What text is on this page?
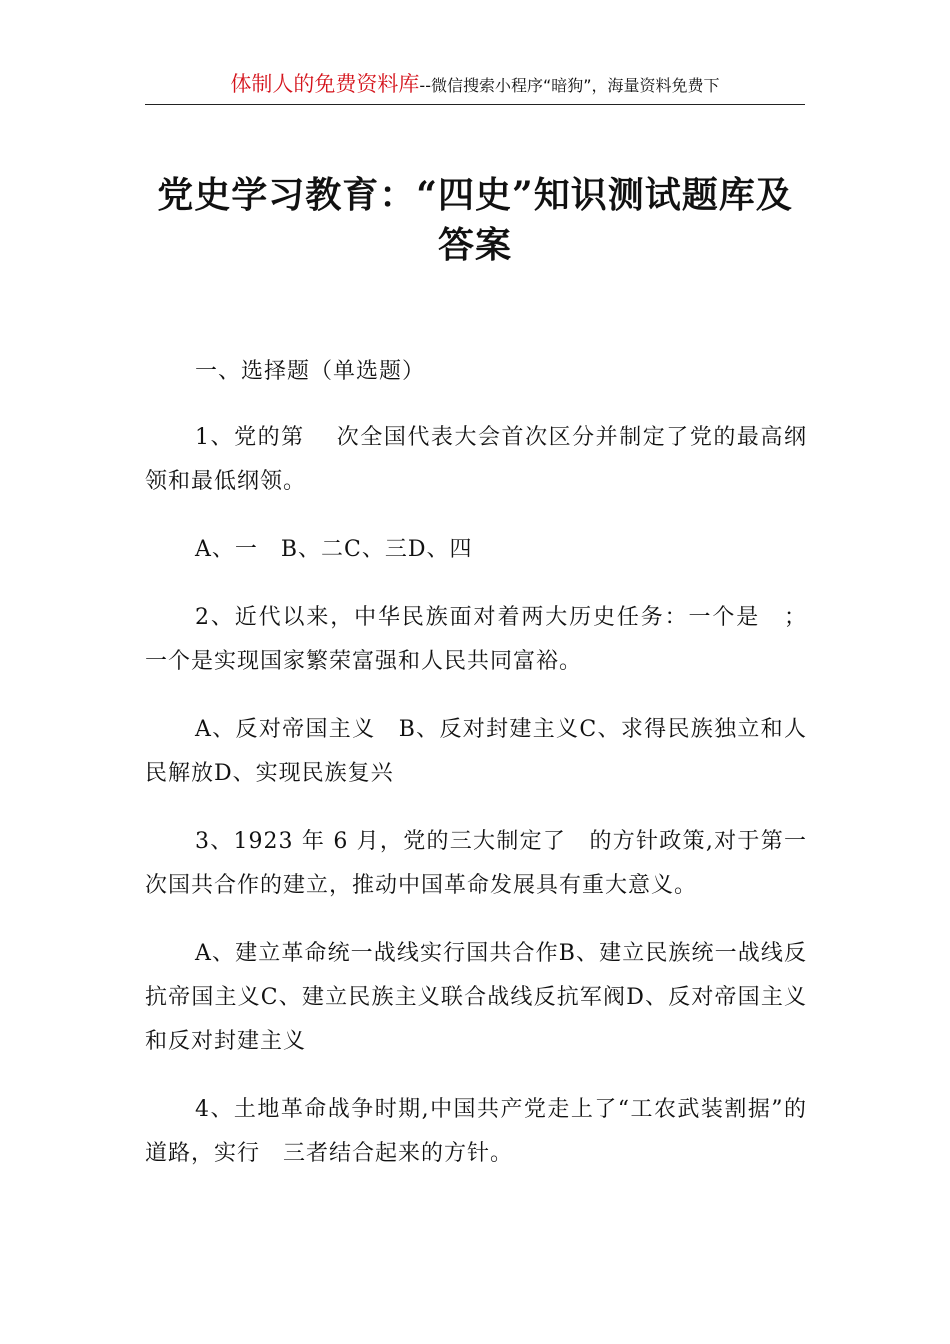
体制人的免费资料库--微信搜索小程序“暗狗”，海量资料免费下
党史学习教育：“四史”知识测试题库及答案

一、选择题（单选题）

1、党的第　 次全国代表大会首次区分并制定了党的最高纲领和最低纲领。

A、一　B、二C、三D、四

2、近代以来，中华民族面对着两大历史任务：一个是　；一个是实现国家繁荣富强和人民共同富裕。

A、反对帝国主义　B、反对封建主义C、求得民族独立和人民解放D、实现民族复兴

3、1923 年 6 月，党的三大制定了　的方针政策,对于第一次国共合作的建立，推动中国革命发展具有重大意义。

A、建立革命统一战线实行国共合作B、建立民族统一战线反抗帝国主义C、建立民族主义联合战线反抗军阀D、反对帝国主义和反对封建主义

4、土地革命战争时期,中国共产党走上了“工农武装割据”的道路，实行　三者结合起来的方针。
